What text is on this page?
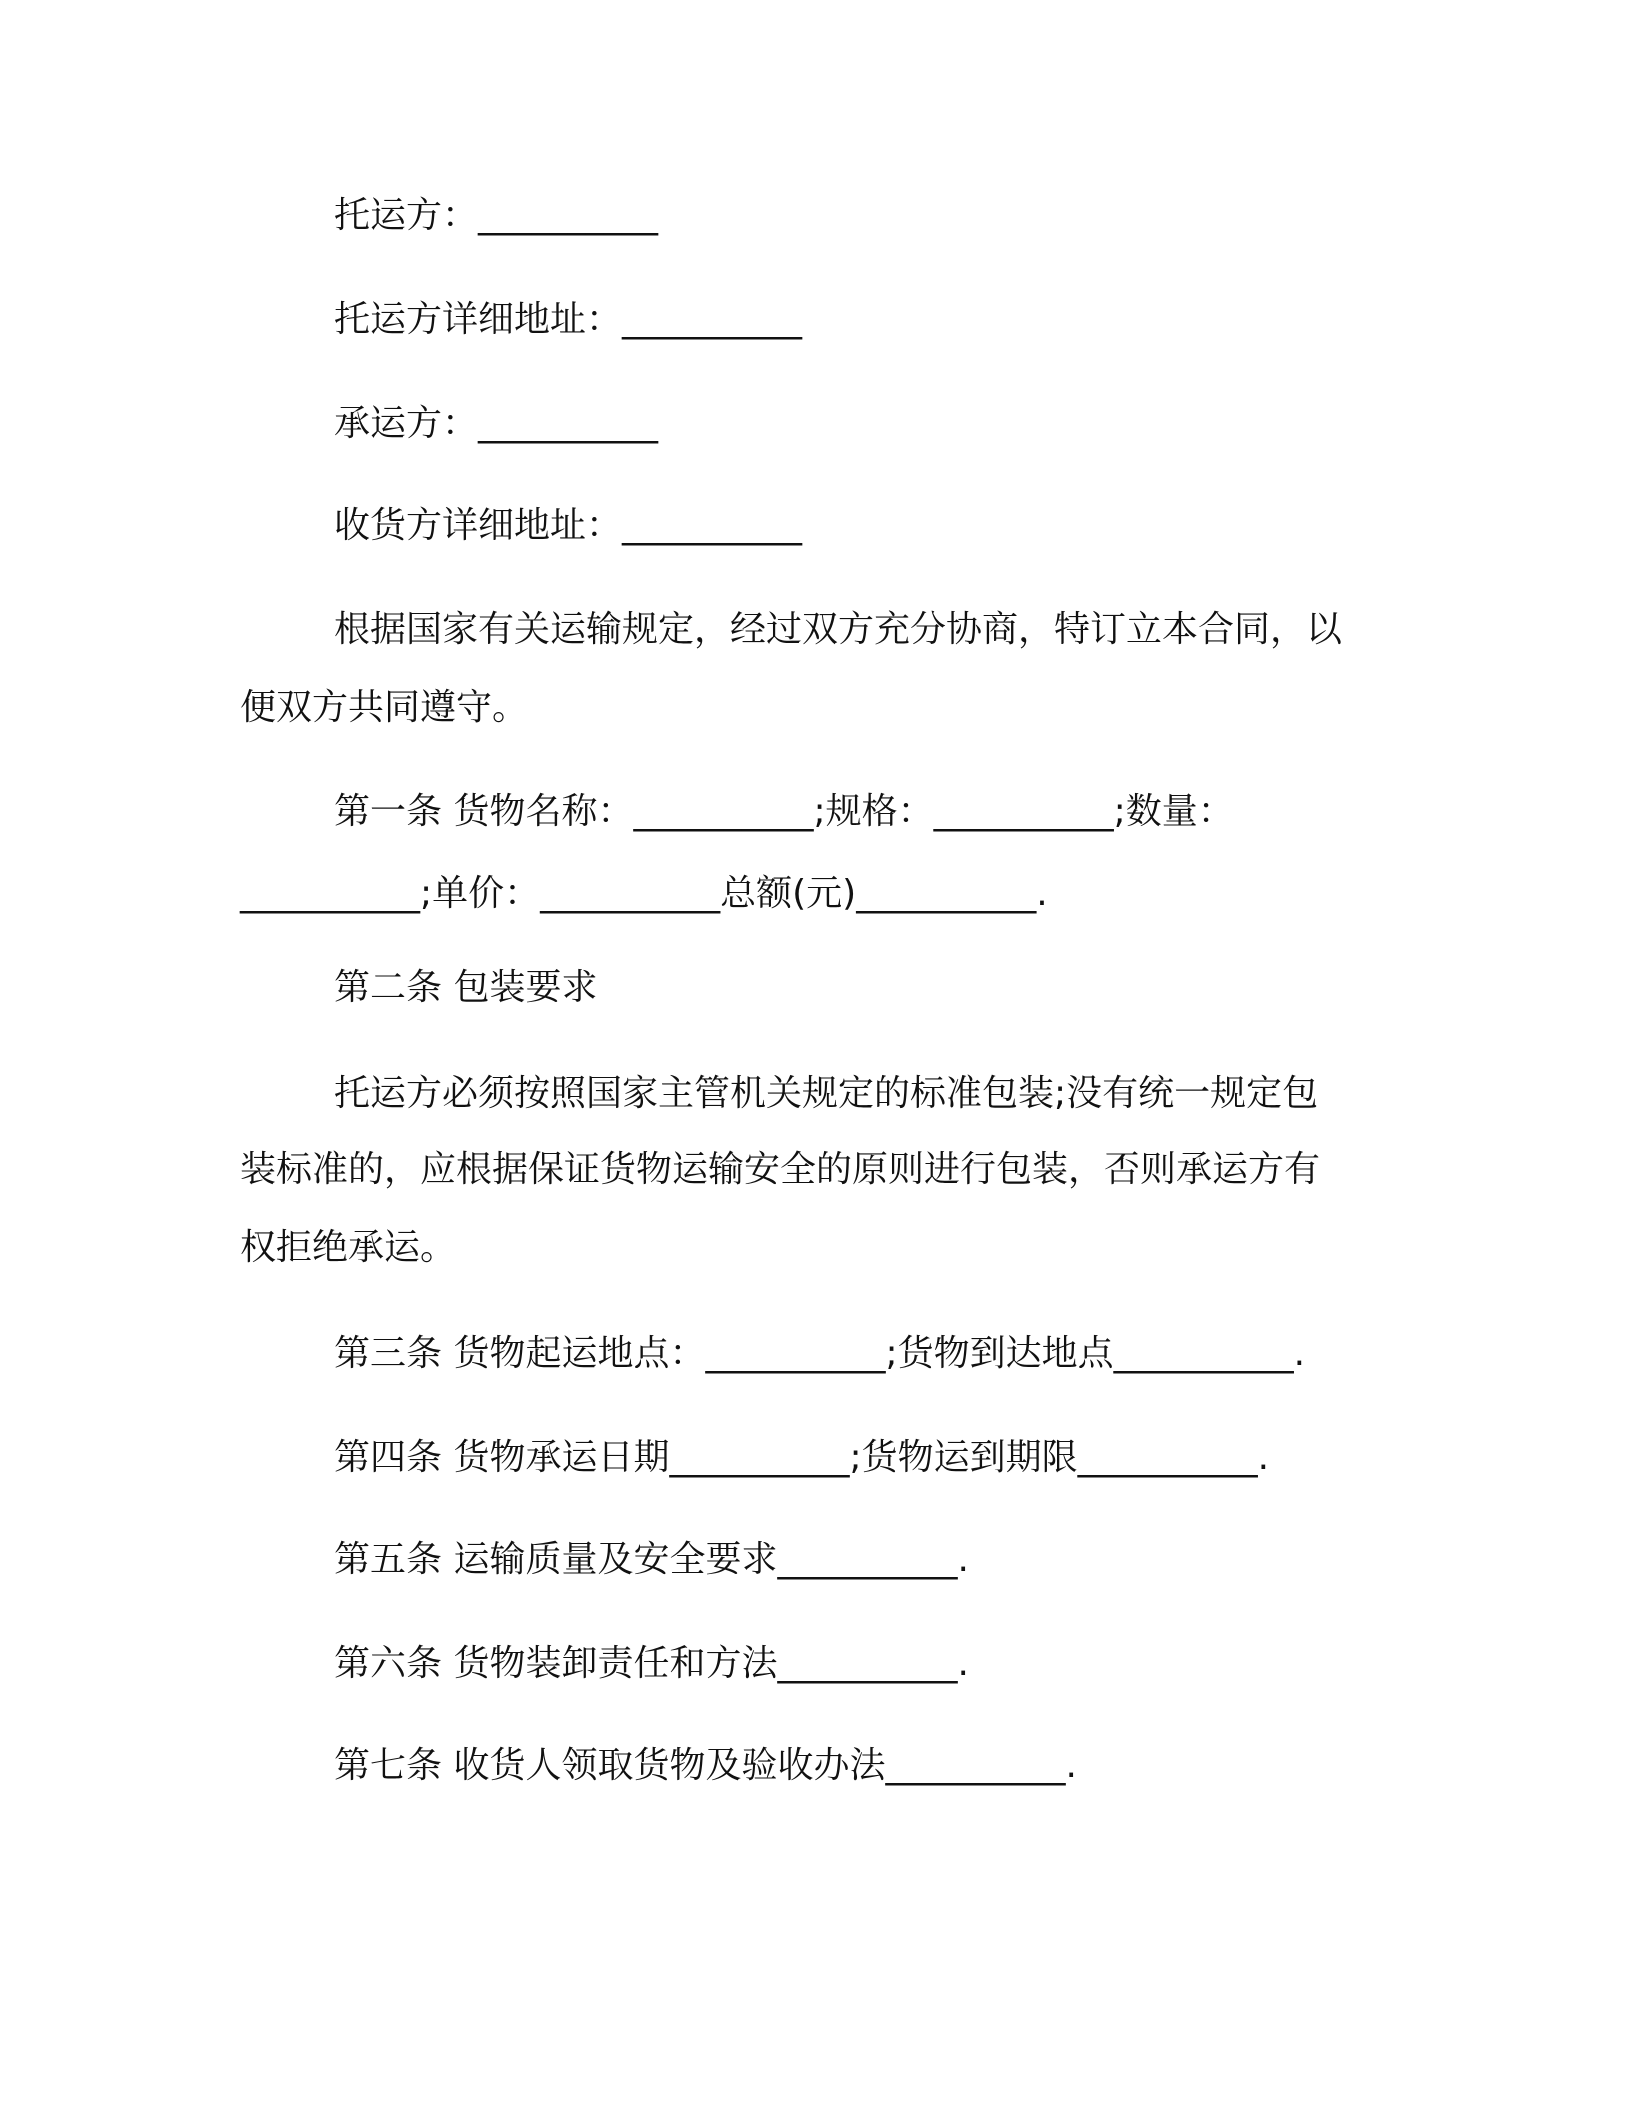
托运方：__________
托运方详细地址：__________
承运方：__________
收货方详细地址：__________
根据国家有关运输规定，经过双方充分协商，特订立本合同，以
便双方共同遵守。
第一条 货物名称：__________;规格：__________;数量：
__________;单价：__________总额(元)__________.
第二条 包装要求
托运方必须按照国家主管机关规定的标准包装;没有统一规定包
装标准的，应根据保证货物运输安全的原则进行包装，否则承运方有
权拒绝承运。
第三条 货物起运地点：__________;货物到达地点__________.
第四条 货物承运日期__________;货物运到期限__________.
第五条 运输质量及安全要求__________.
第六条 货物装卸责任和方法__________.
第七条 收货人领取货物及验收办法__________.
